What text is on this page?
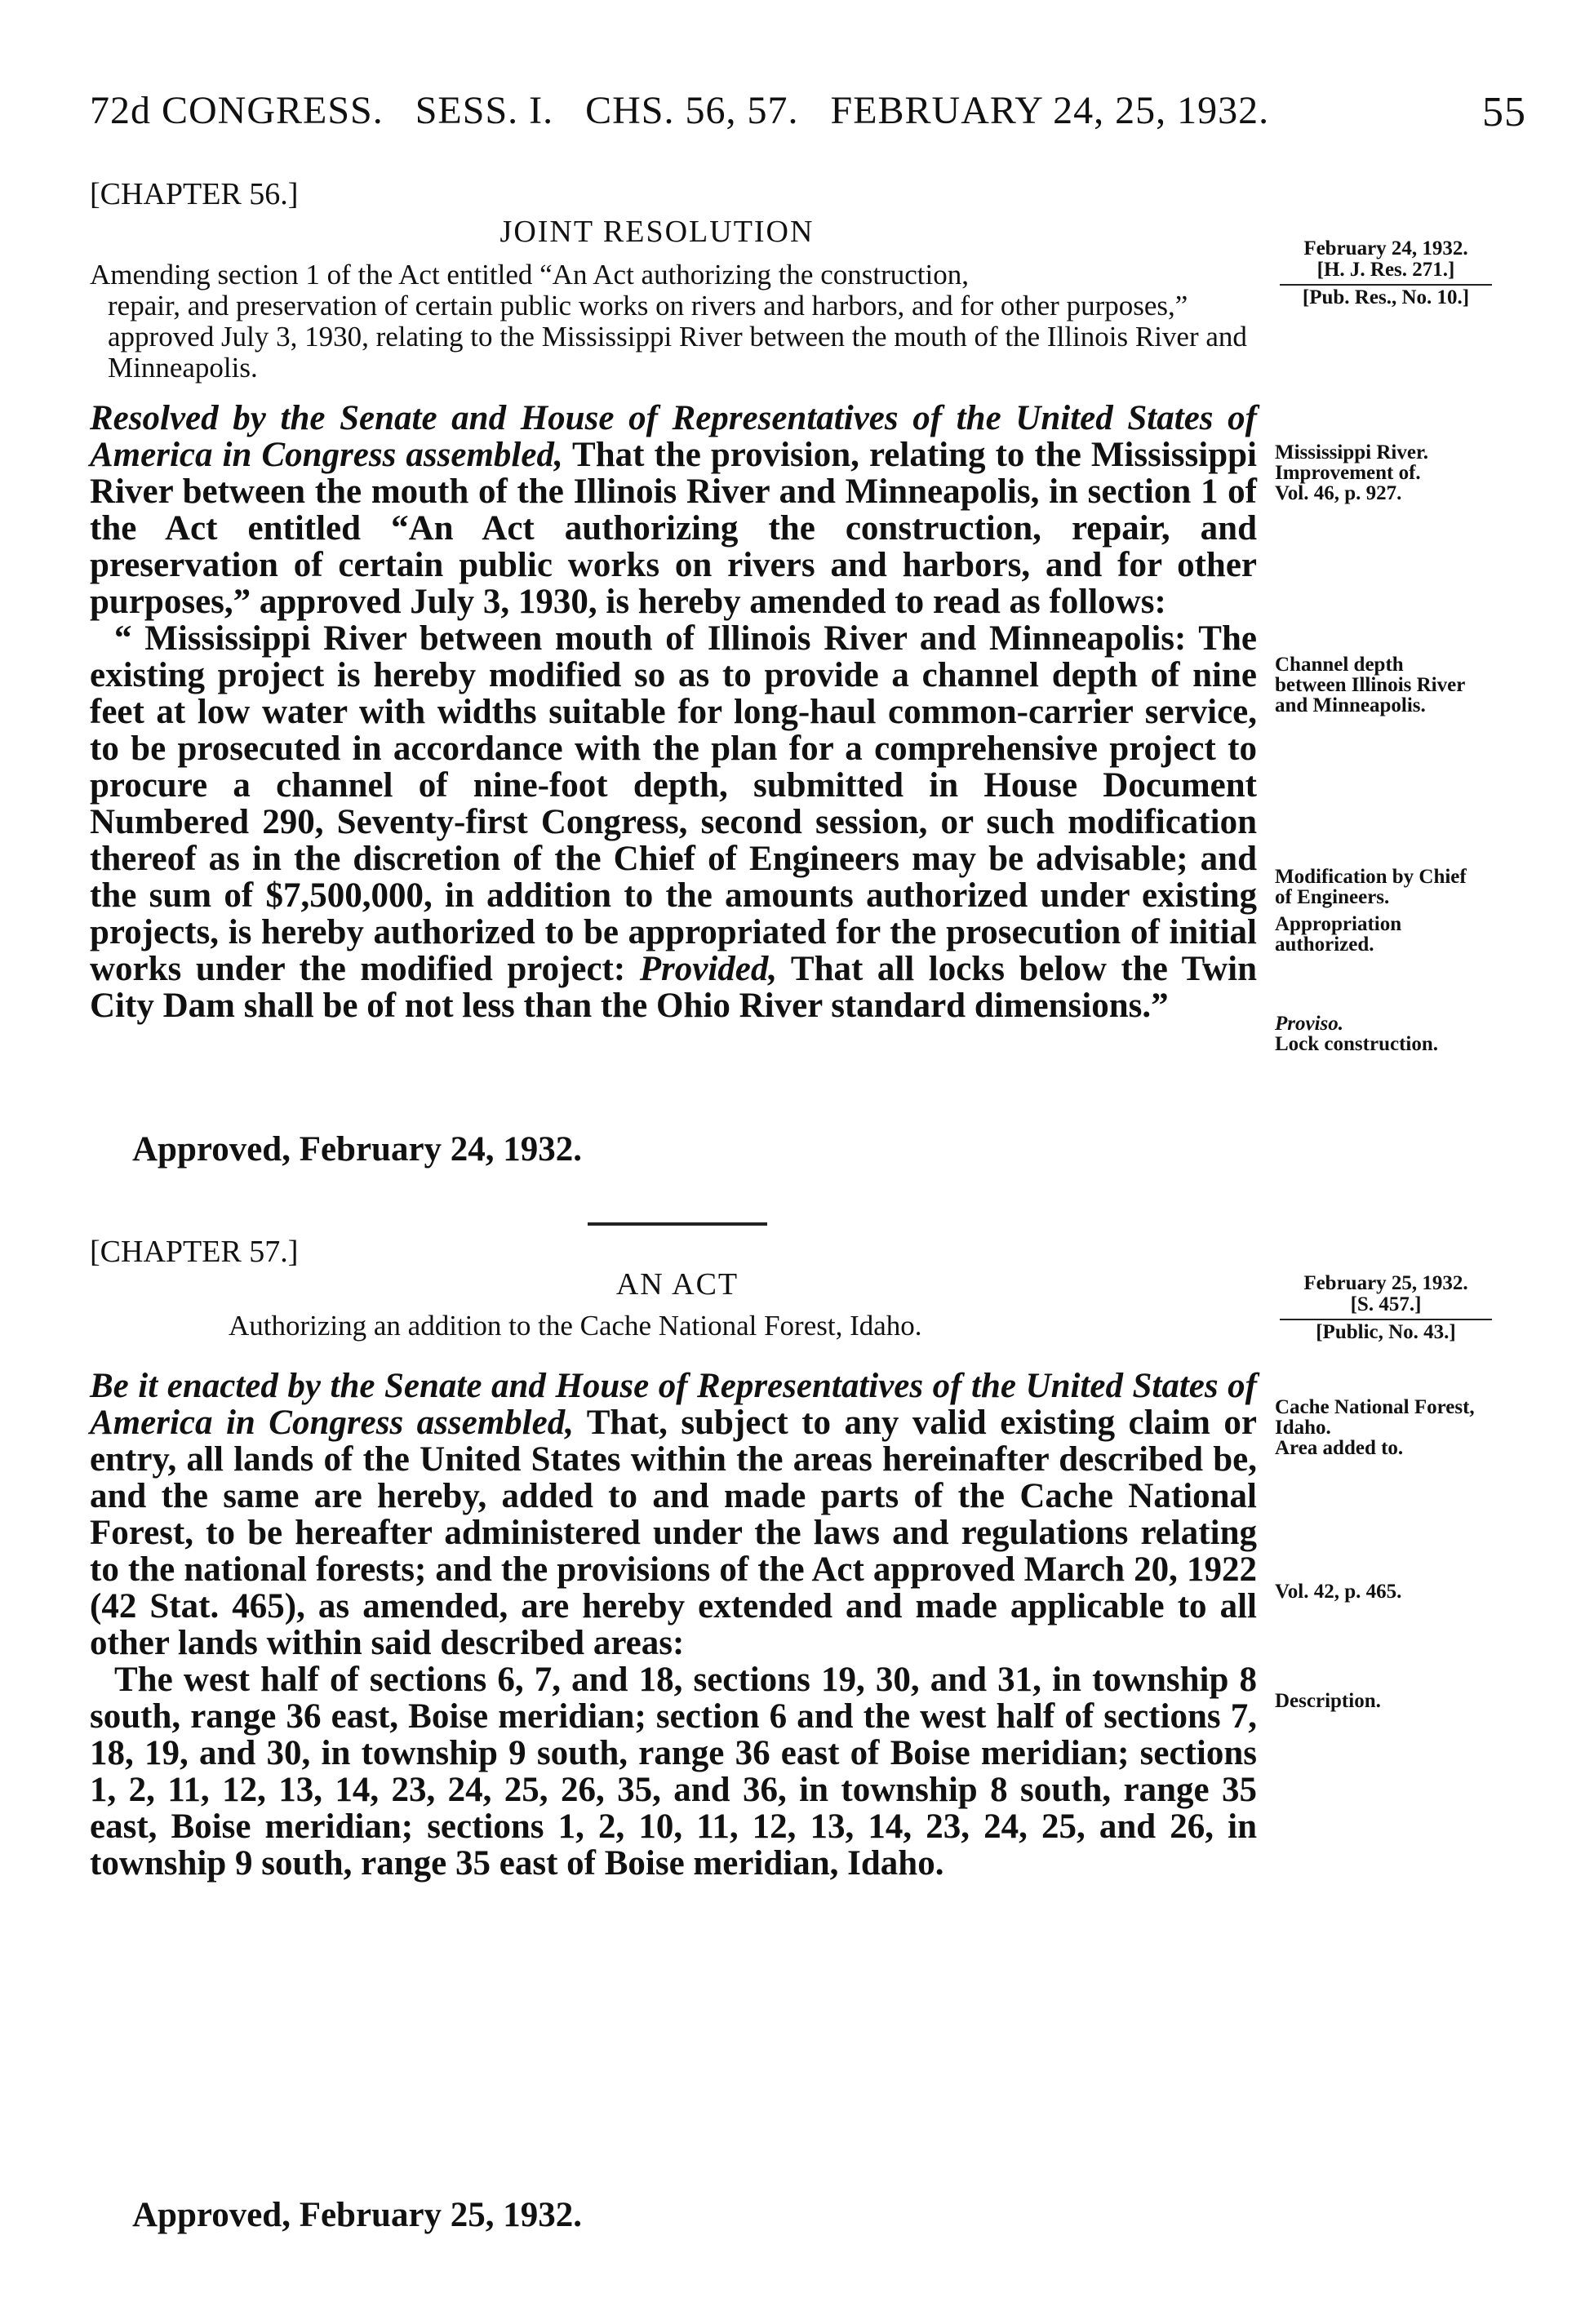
72d CONGRESS.   SESS. I.   CHS. 56, 57.   FEBRUARY 24, 25, 1932.	55
[CHAPTER 56.]
JOINT RESOLUTION
Amending section 1 of the Act entitled “An Act authorizing the construction,
repair, and preservation of certain public works on rivers and harbors, and for other purposes,” approved July 3, 1930, relating to the Mississippi River between the mouth of the Illinois River and Minneapolis.
February 24, 1932.
[H. J. Res. 271.]
[Pub. Res., No. 10.]

Resolved by the Senate and House of Representatives of the United States of America in Congress assembled, That the provision, relating to the Mississippi River between the mouth of the Illinois River and Minneapolis, in section 1 of the Act entitled “An Act authorizing the construction, repair, and preservation of certain public works on rivers and harbors, and for other purposes,” approved July 3, 1930, is hereby amended to read as follows:

“ Mississippi River between mouth of Illinois River and Minneapolis: The existing project is hereby modified so as to provide a channel depth of nine feet at low water with widths suitable for long-haul common-carrier service, to be prosecuted in accordance with the plan for a comprehensive project to procure a channel of nine-foot depth, submitted in House Document Numbered 290, Seventy-first Congress, second session, or such modification thereof as in the discretion of the Chief of Engineers may be advisable; and the sum of $7,500,000, in addition to the amounts authorized under existing projects, is hereby authorized to be appropriated for the prosecution of initial works under the modified project: Provided, That all locks below the Twin City Dam shall be of not less than the Ohio River standard dimensions.”

Approved, February 24, 1932.
Mississippi River.
Improvement of.
Vol. 46, p. 927.
Channel depth between Illinois River and Minneapolis.
Modification by Chief of Engineers.
Appropriation authorized.
Proviso.
Lock construction.
[CHAPTER 57.]
AN ACT
Authorizing an addition to the Cache National Forest, Idaho.
February 25, 1932.
[S. 457.]
[Public, No. 43.]

Be it enacted by the Senate and House of Representatives of the United States of America in Congress assembled, That, subject to any valid existing claim or entry, all lands of the United States within the areas hereinafter described be, and the same are hereby, added to and made parts of the Cache National Forest, to be hereafter administered under the laws and regulations relating to the national forests; and the provisions of the Act approved March 20, 1922 (42 Stat. 465), as amended, are hereby extended and made applicable to all other lands within said described areas:

The west half of sections 6, 7, and 18, sections 19, 30, and 31, in township 8 south, range 36 east, Boise meridian; section 6 and the west half of sections 7, 18, 19, and 30, in township 9 south, range 36 east of Boise meridian; sections 1, 2, 11, 12, 13, 14, 23, 24, 25, 26, 35, and 36, in township 8 south, range 35 east, Boise meridian; sections 1, 2, 10, 11, 12, 13, 14, 23, 24, 25, and 26, in township 9 south, range 35 east of Boise meridian, Idaho.

Approved, February 25, 1932.
Cache National Forest, Idaho.
Area added to.
Vol. 42, p. 465.
Description.
